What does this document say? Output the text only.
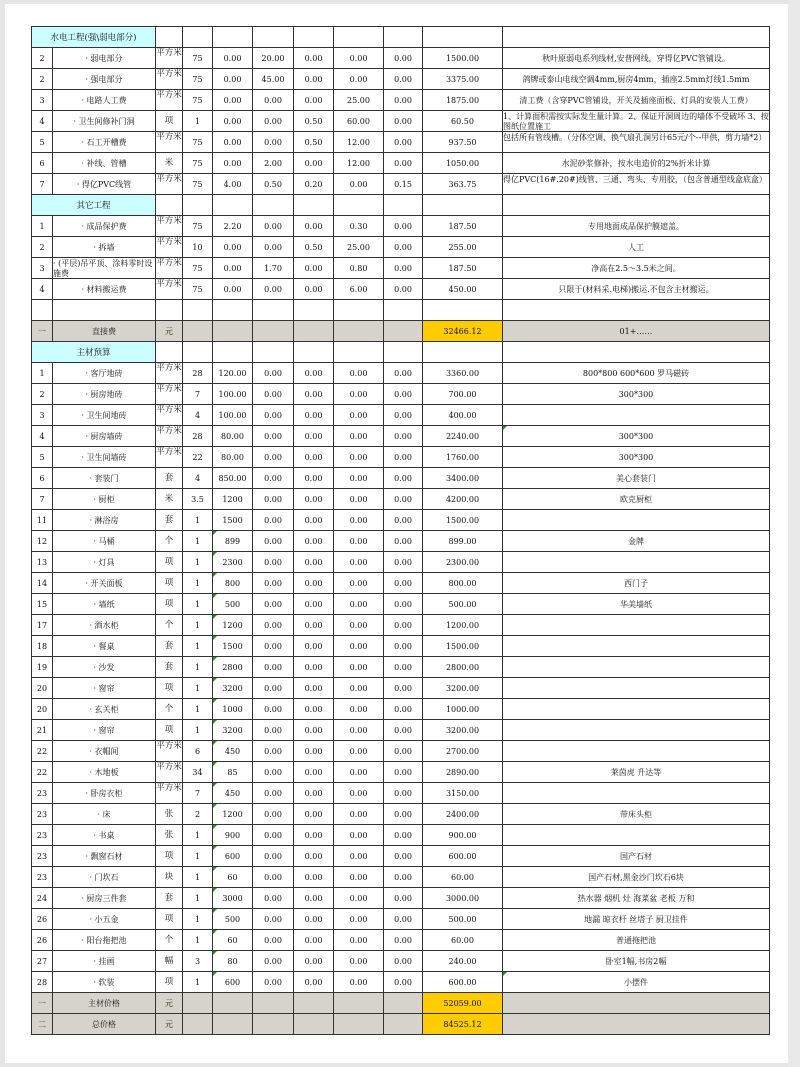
水电工程(强\弱电部分)										
2	· 弱电部分	平方米	75	0.00	20.00	0.00	0.00	0.00	1500.00	秋叶原弱电系列线材,安普网线，穿得亿PVC管铺设。
2	· 强电部分	平方米	75	0.00	45.00	0.00	0.00	0.00	3375.00	鸽牌或泰山电线空调4mm,厨房4mm，插座2.5mm灯线1.5mm
3	· 电路人工费	平方米	75	0.00	0.00	0.00	25.00	0.00	1875.00	清工费（含穿PVC管铺设，开关及插座面板、灯具的安装人工费）
4	· 卫生间修补门洞	项	1	0.00	0.00	0.50	60.00	0.00	60.50	1、计算面积需按实际发生量计算。2、保证开洞周边的墙体不受破坏 3、按图纸位置施工

5	· 石工开槽费	平方米	75	0.00	0.00	0.50	12.00	0.00	937.50	包括所有管线槽。（分体空调、换气扇孔洞另计65元/个--甲供，剪力墙*2）

6	· 补线、管槽	米	75	0.00	2.00	0.00	12.00	0.00	1050.00	水泥砂浆修补，按水电造价的2%折米计算
7	· 得亿PVC线管	平方米	75	4.00	0.50	0.20	0.00	0.15	363.75	得亿PVC(16#.20#)线管、三通、弯头、专用胶，（包含普通型线盒底盒）

其它工程										
1	· 成品保护费	平方米	75	2.20	0.00	0.00	0.30	0.00	187.50	专用地面成品保护膜遮盖。
2	· 拆墙	平方米	10	0.00	0.00	0.50	25.00	0.00	255.00	人工
3	· (平层)吊平顶、涂料零时设施费	平方米	75	0.00	1.70	0.00	0.80	0.00	187.50	净高在2.5～3.5米之间。
4	· 材料搬运费	平方米	75	0.00	0.00	0.00	6.00	0.00	450.00	只限于(材料采.电梯)搬运.不包含主材搬运。

一	直接费	元							32466.12	01+……
主材预算										
1	· 客厅地砖	平方米	28	120.00	0.00	0.00	0.00	0.00	3360.00	800*800 600*600 罗马磁砖
2	· 厨房地砖	平方米	7	100.00	0.00	0.00	0.00	0.00	700.00	300*300
3	· 卫生间地砖	平方米	4	100.00	0.00	0.00	0.00	0.00	400.00	
4	· 厨房墙砖	平方米	28	80.00	0.00	0.00	0.00	0.00	2240.00	300*300
5	· 卫生间墙砖	平方米	22	80.00	0.00	0.00	0.00	0.00	1760.00	300*300
6	· 套装门	套	4	850.00	0.00	0.00	0.00	0.00	3400.00	美心套装门
7	· 厨柜	米	3.5	1200	0.00	0.00	0.00	0.00	4200.00	欧克厨柜
11	· 淋浴房	套	1	1500	0.00	0.00	0.00	0.00	1500.00	
12	· 马桶	个	1	899	0.00	0.00	0.00	0.00	899.00	金牌
13	· 灯具	项	1	2300	0.00	0.00	0.00	0.00	2300.00	
14	· 开关面板	项	1	800	0.00	0.00	0.00	0.00	800.00	西门子
15	· 墙纸	项	1	500	0.00	0.00	0.00	0.00	500.00	华美墙纸
17	· 酒水柜	个	1	1200	0.00	0.00	0.00	0.00	1200.00	
18	· 餐桌	套	1	1500	0.00	0.00	0.00	0.00	1500.00	
19	· 沙发	套	1	2800	0.00	0.00	0.00	0.00	2800.00	
20	· 窗帘	项	1	3200	0.00	0.00	0.00	0.00	3200.00	
20	· 玄关柜	个	1	1000	0.00	0.00	0.00	0.00	1000.00	
21	· 窗帘	项	1	3200	0.00	0.00	0.00	0.00	3200.00	
22	· 衣帽间	平方米	6	450	0.00	0.00	0.00	0.00	2700.00	
22	· 木地板	平方米	34	85	0.00	0.00	0.00	0.00	2890.00	莱茵虎 升达等
23	· 卧房衣柜	平方米	7	450	0.00	0.00	0.00	0.00	3150.00	
23	· 床	张	2	1200	0.00	0.00	0.00	0.00	2400.00	带床头柜
23	· 书桌	张	1	900	0.00	0.00	0.00	0.00	900.00	
23	· 飘窗石材	项	1	600	0.00	0.00	0.00	0.00	600.00	国产石材
23	· 门坎石	块	1	60	0.00	0.00	0.00	0.00	60.00	国产石材,黑金沙门坎石6块
24	· 厨房三件套	套	1	3000	0.00	0.00	0.00	0.00	3000.00	热水器 烟机 灶 海菜盆 老板 万和
26	· 小五金	项	1	500	0.00	0.00	0.00	0.00	500.00	地漏 晾衣杆 丝塔子 厨卫挂件
26	· 阳台拖把池	个	1	60	0.00	0.00	0.00	0.00	60.00	普通拖把池
27	· 挂画	幅	3	80	0.00	0.00	0.00	0.00	240.00	卧室1幅,书房2幅
28	· 软装	项	1	600	0.00	0.00	0.00	0.00	600.00	小摆件
一	主材价格	元							52059.00	
二	总价格	元							84525.12	
